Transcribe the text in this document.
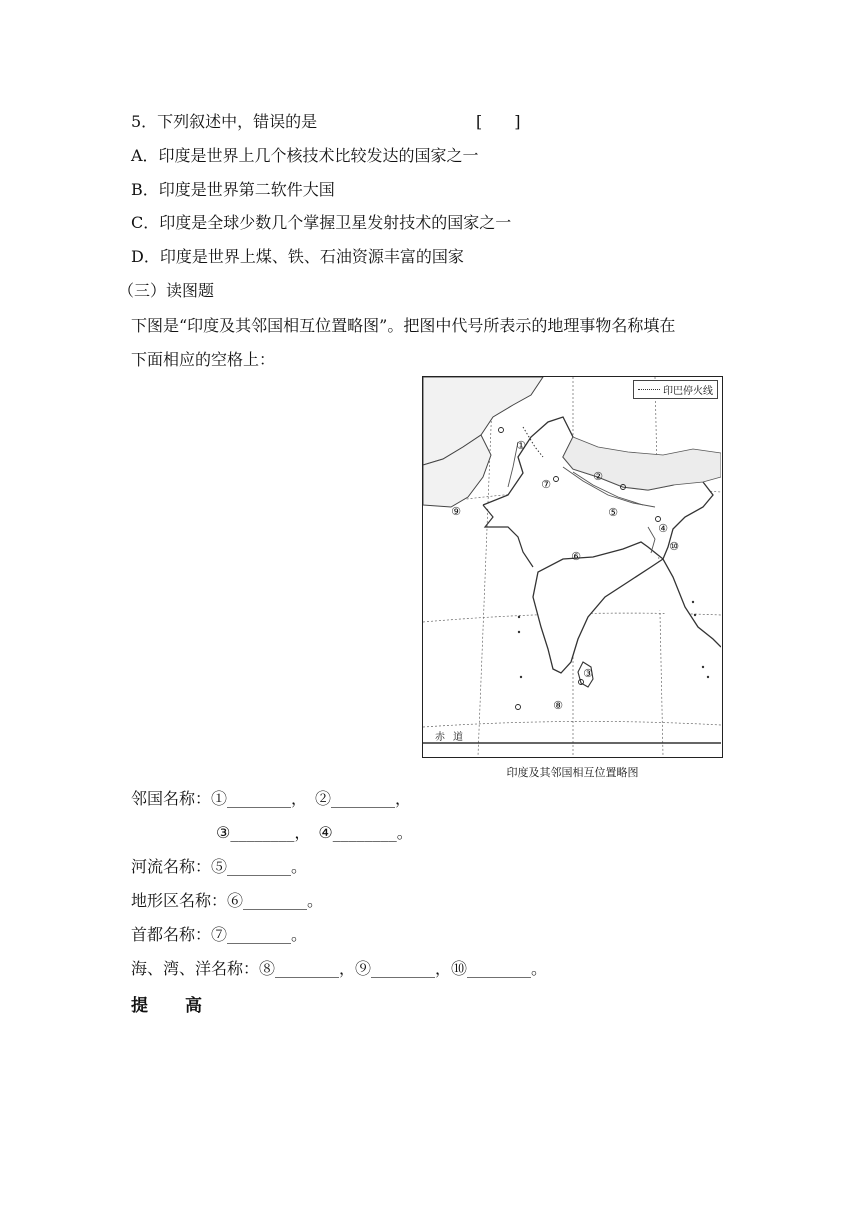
5．下列叙述中，错误的是	[　　]
A．印度是世界上几个核技术比较发达的国家之一
B．印度是世界第二软件大国
C．印度是全球少数几个掌握卫星发射技术的国家之一
D．印度是世界上煤、铁、石油资源丰富的国家
（三）读图题
下图是“印度及其邻国相互位置略图”。把图中代号所表示的地理事物名称填在
下面相应的空格上：
①
②
③
④
⑤
⑥
⑦
⑧
⑨
⑩
印巴停火线
赤道
印度及其邻国相互位置略图
邻国名称：①________，　②________，
③________，　④________。
河流名称：⑤________。
地形区名称：⑥________。
首都名称：⑦________。
海、湾、洋名称：⑧________，⑨________，⑩________。
提　高
